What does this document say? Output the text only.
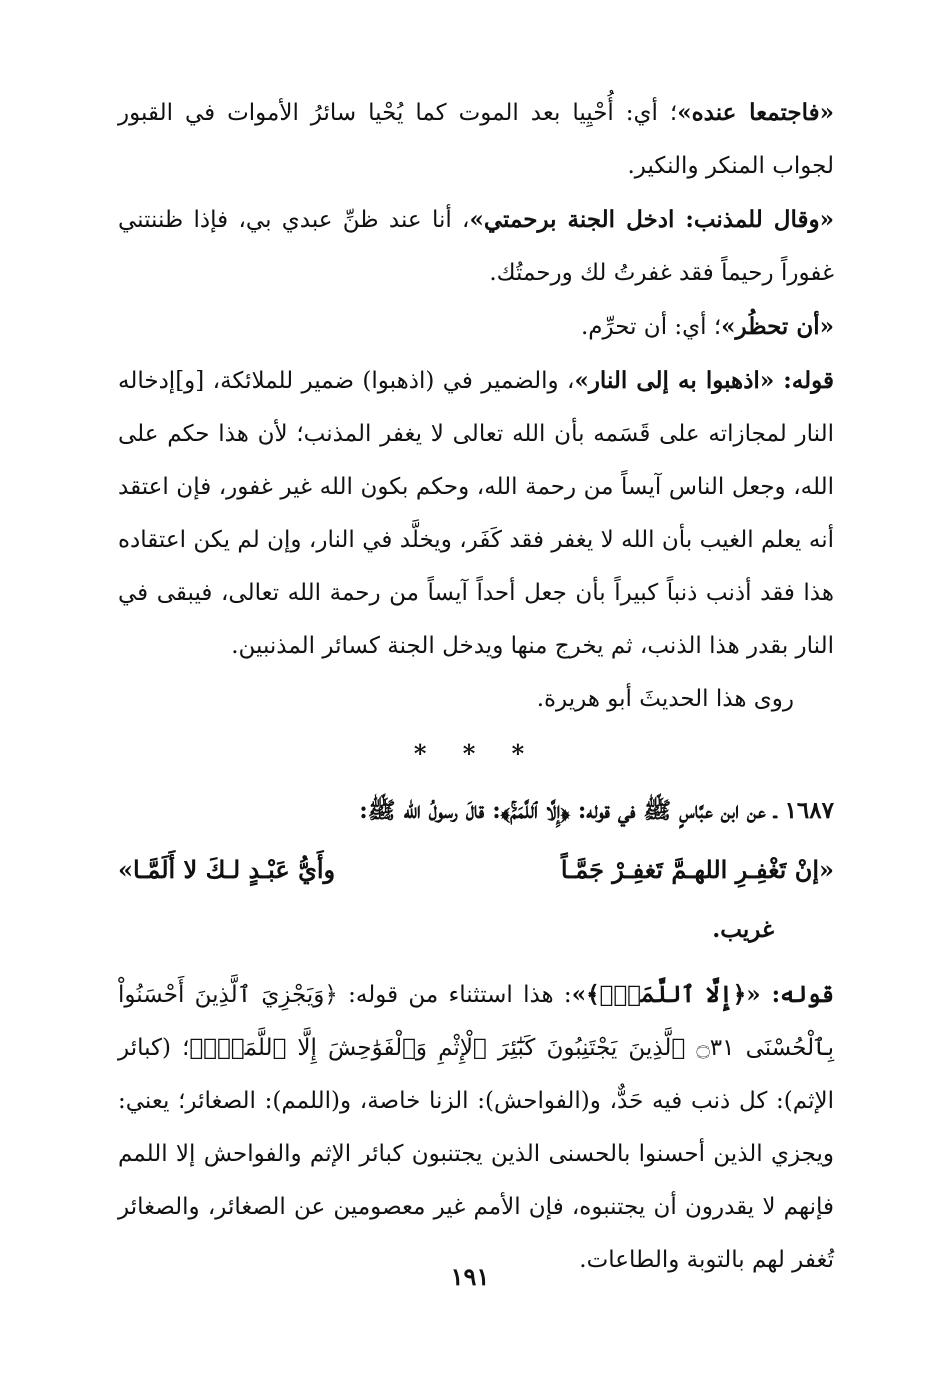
«فاجتمعا عنده»؛ أي: أُحْيِيا بعد الموت كما يُحْيا سائرُ الأموات في القبور لجواب المنكر والنكير.

«وقال للمذنب: ادخل الجنة برحمتي»، أنا عند ظنِّ عبدي بي، فإذا ظننتني غفوراً رحيماً فقد غفرتُ لك ورحمتُك.

«أن تحظُر»؛ أي: أن تحرِّم.

قوله: «اذهبوا به إلى النار»، والضمير في (اذهبوا) ضمير للملائكة، [و]إدخاله النار لمجازاته على قَسَمه بأن الله تعالى لا يغفر المذنب؛ لأن هذا حكم على الله، وجعل الناس آيساً من رحمة الله، وحكم بكون الله غير غفور، فإن اعتقد أنه يعلم الغيب بأن الله لا يغفر فقد كَفَر، ويخلَّد في النار، وإن لم يكن اعتقاده هذا فقد أذنب ذنباً كبيراً بأن جعل أحداً آيساً من رحمة الله تعالى، فيبقى في النار بقدر هذا الذنب، ثم يخرج منها ويدخل الجنة كسائر المذنبين.

روى هذا الحديثَ أبو هريرة.

* * *

١٦٨٧ ـ عن ابن عبَّاسٍ ﷺ في قوله: ﴿إِلَّا ٱللَّمَمَۚ﴾: قالَ رسولُ الله ﷺ:

«إنْ تَغْفِـرِ اللهـمَّ تَغفِـرْ جَمَّـاً
وأَيُّ عَبْـدٍ لـكَ لا أَلَمَّـا»

غريب.

قوله: «﴿إِلَّا ٱللَّمَمَۚ﴾»: هذا استثناء من قوله: ﴿وَيَجْزِيَ ٱلَّذِينَ أَحْسَنُواْ بِٱلْحُسْنَى ۝٣١ ٱلَّذِينَ يَجْتَنِبُونَ كَبَٰٓئِرَ ٱلْإِثْمِ وَٱلْفَوَٰحِشَ إِلَّا ٱللَّمَمَۚ﴾؛ (كبائر الإثم): كل ذنب فيه حَدٌّ، و(الفواحش): الزنا خاصة، و(اللمم): الصغائر؛ يعني: ويجزي الذين أحسنوا بالحسنى الذين يجتنبون كبائر الإثم والفواحش إلا اللمم فإنهم لا يقدرون أن يجتنبوه، فإن الأمم غير معصومين عن الصغائر، والصغائر تُغفر لهم بالتوبة والطاعات.

١٩١
